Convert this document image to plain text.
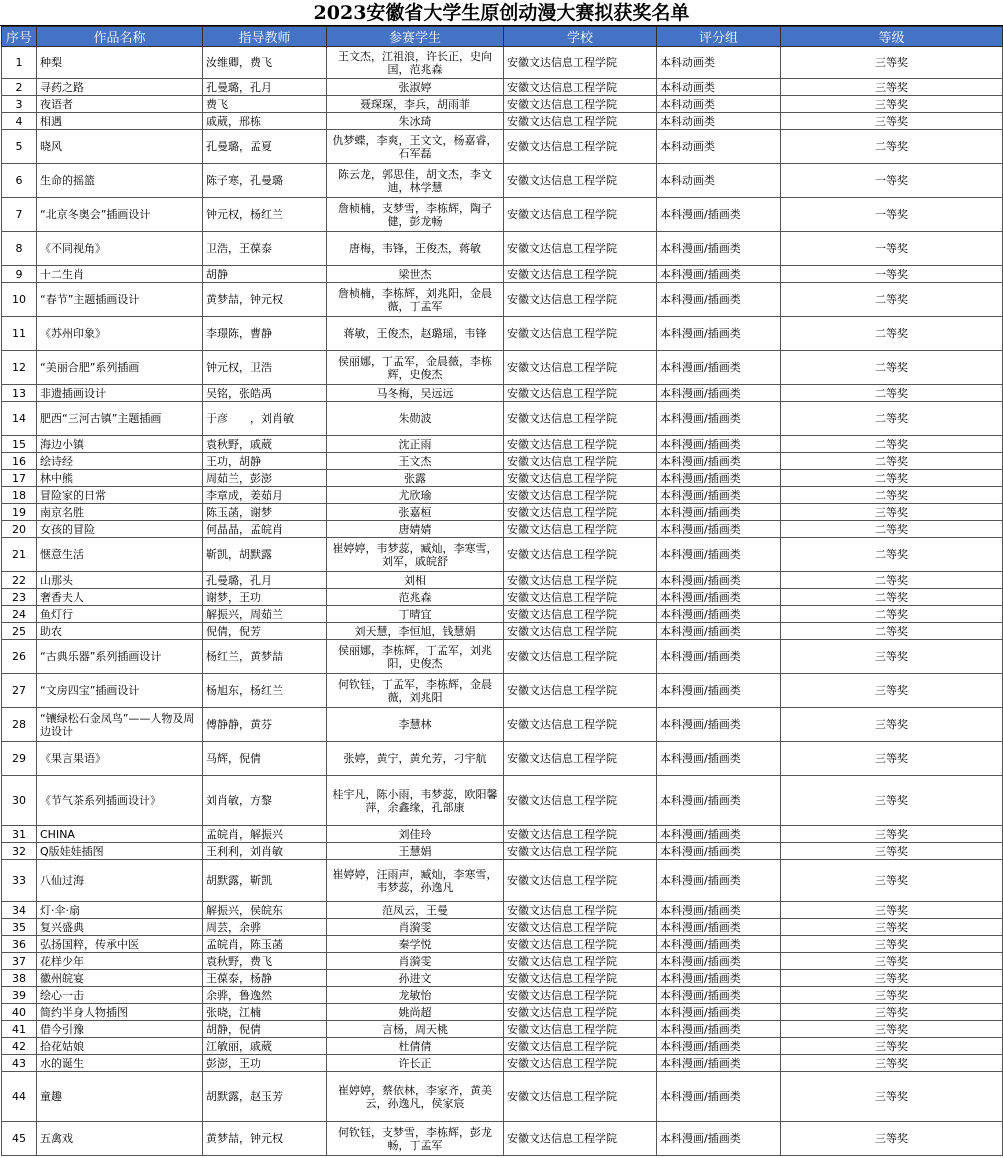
2023安徽省大学生原创动漫大赛拟获奖名单
序号	作品名称	指导教师	参赛学生	学校	评分组	等级
1	种梨	汝维卿，费飞	王文杰，江祖浪，许长正，史向国，范兆森	安徽文达信息工程学院	本科动画类	三等奖
2	寻药之路	孔曼璐，孔月	张淑婷	安徽文达信息工程学院	本科动画类	三等奖
3	夜语者	费飞	聂琛琛，李兵，胡雨菲	安徽文达信息工程学院	本科动画类	三等奖
4	相遇	戚葳，邢栋	朱冰琦	安徽文达信息工程学院	本科动画类	三等奖
5	晓风	孔曼璐，孟夏	仇梦蝶，李爽，王文文，杨嘉睿，石军磊	安徽文达信息工程学院	本科动画类	二等奖
6	生命的摇篮	陈子寒，孔曼璐	陈云龙，郭思佳，胡文杰，李文迪，林学慧	安徽文达信息工程学院	本科动画类	一等奖
7	“北京冬奥会”插画设计	钟元权，杨红兰	詹桢楠，支梦雪，李栋辉，陶子健，彭龙畅	安徽文达信息工程学院	本科漫画/插画类	一等奖
8	《不同视角》	卫浩，王葆泰	唐梅，韦锋，王俊杰，蒋敏	安徽文达信息工程学院	本科漫画/插画类	一等奖
9	十二生肖	胡静	梁世杰	安徽文达信息工程学院	本科漫画/插画类	一等奖
10	“春节”主题插画设计	黄梦喆，钟元权	詹桢楠，李栋辉，刘兆阳，金晨薇，丁孟军	安徽文达信息工程学院	本科漫画/插画类	二等奖
11	《苏州印象》	李璟陈，曹静	蒋敏，王俊杰，赵璐瑶，韦锋	安徽文达信息工程学院	本科漫画/插画类	二等奖
12	“美丽合肥”系列插画	钟元权，卫浩	侯丽娜，丁孟军，金晨薇，李栋辉，史俊杰	安徽文达信息工程学院	本科漫画/插画类	二等奖
13	非遗插画设计	吴铭，张皓禹	马冬梅，吴远远	安徽文达信息工程学院	本科漫画/插画类	二等奖
14	肥西“三河古镇”主题插画	于彦　　，刘肖敏	朱勋波	安徽文达信息工程学院	本科漫画/插画类	二等奖
15	海边小镇	袁秋野，戚葳	沈正雨	安徽文达信息工程学院	本科漫画/插画类	二等奖
16	绘诗经	王功，胡静	王文杰	安徽文达信息工程学院	本科漫画/插画类	二等奖
17	林中熊	周茹兰，彭澎	张露	安徽文达信息工程学院	本科漫画/插画类	二等奖
18	冒险家的日常	李章成，姜茹月	尤欣瑜	安徽文达信息工程学院	本科漫画/插画类	二等奖
19	南京名胜	陈玉菡，谢梦	张嘉桓	安徽文达信息工程学院	本科漫画/插画类	三等奖
20	女孩的冒险	何晶晶，孟皖肖	唐婧婧	安徽文达信息工程学院	本科漫画/插画类	二等奖
21	惬意生活	靳凯，胡默露	崔婷婷，韦梦蕊，臧灿，李寒雪，刘军，戚皖舒	安徽文达信息工程学院	本科漫画/插画类	二等奖
22	山那头	孔曼璐，孔月	刘相	安徽文达信息工程学院	本科漫画/插画类	二等奖
23	奢香夫人	谢梦，王功	范兆森	安徽文达信息工程学院	本科漫画/插画类	二等奖
24	鱼灯行	解振兴，周茹兰	丁晴宜	安徽文达信息工程学院	本科漫画/插画类	二等奖
25	助农	倪倩，倪芳	刘天慧，李恒旭，钱慧娟	安徽文达信息工程学院	本科漫画/插画类	二等奖
26	“古典乐器”系列插画设计	杨红兰，黄梦喆	侯丽娜，李栋辉，丁孟军，刘兆阳，史俊杰	安徽文达信息工程学院	本科漫画/插画类	三等奖
27	“文房四宝”插画设计	杨旭东，杨红兰	何钦钰，丁孟军，李栋辉，金晨薇，刘兆阳	安徽文达信息工程学院	本科漫画/插画类	三等奖
28	“镶绿松石金凤鸟”——人物及周边设计	傅静静，黄芬	李慧林	安徽文达信息工程学院	本科漫画/插画类	三等奖
29	《果言果语》	马辉，倪倩	张婷，黄宁，黄允芳，刁宇航	安徽文达信息工程学院	本科漫画/插画类	三等奖
30	《节气茶系列插画设计》	刘肖敏，方黎	桂宇凡，陈小雨，韦梦蕊，欧阳馨萍，余鑫缘，孔部康	安徽文达信息工程学院	本科漫画/插画类	三等奖
31	CHINA	孟皖肖，解振兴	刘佳玲	安徽文达信息工程学院	本科漫画/插画类	三等奖
32	Q版娃娃插图	王利利，刘肖敏	王慧娟	安徽文达信息工程学院	本科漫画/插画类	三等奖
33	八仙过海	胡默露，靳凯	崔婷婷，汪雨声，臧灿，李寒雪，韦梦蕊，孙逸凡	安徽文达信息工程学院	本科漫画/插画类	三等奖
34	灯·伞·扇	解振兴，侯皖东	范凤云，王曼	安徽文达信息工程学院	本科漫画/插画类	三等奖
35	复兴盛典	周芸，余骅	肖漪雯	安徽文达信息工程学院	本科漫画/插画类	三等奖
36	弘扬国粹，传承中医	孟皖肖，陈玉菡	秦学悦	安徽文达信息工程学院	本科漫画/插画类	三等奖
37	花样少年	袁秋野，费飞	肖漪雯	安徽文达信息工程学院	本科漫画/插画类	三等奖
38	徽州皖宴	王葆泰，杨静	孙进文	安徽文达信息工程学院	本科漫画/插画类	三等奖
39	绘心一击	余骅，鲁逸然	龙敏怡	安徽文达信息工程学院	本科漫画/插画类	三等奖
40	简约半身人物插图	张晓，江楠	姚尚超	安徽文达信息工程学院	本科漫画/插画类	三等奖
41	借今引豫	胡静，倪倩	言杨，周天桃	安徽文达信息工程学院	本科漫画/插画类	三等奖
42	拾花姑娘	江敏丽，戚葳	杜倩倩	安徽文达信息工程学院	本科漫画/插画类	三等奖
43	水的诞生	彭澎，王功	许长正	安徽文达信息工程学院	本科漫画/插画类	三等奖
44	童趣	胡默露，赵玉芳	崔婷婷，蔡依林，李家齐，黄美云，孙逸凡，侯家宸	安徽文达信息工程学院	本科漫画/插画类	三等奖
45	五禽戏	黄梦喆，钟元权	何钦钰，支梦雪，李栋辉，彭龙畅，丁孟军	安徽文达信息工程学院	本科漫画/插画类	三等奖
